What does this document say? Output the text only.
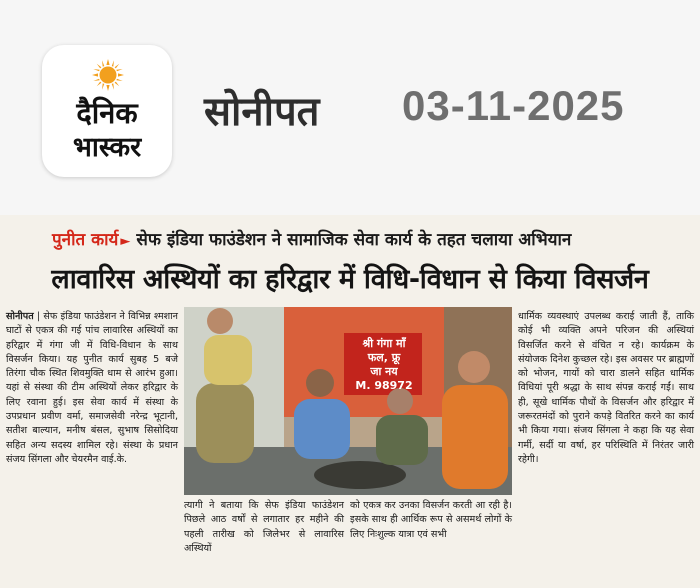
दैनिक
भास्कर
सोनीपत 03-11-2025
पुनीत कार्य ► सेफ इंडिया फाउंडेशन ने सामाजिक सेवा कार्य के तहत चलाया अभियान
लावारिस अस्थियों का हरिद्वार में विधि-विधान से किया विसर्जन
सोनीपत | सेफ इंडिया फाउंडेशन ने विभिन्न श्मशान घाटों से एकत्र की गई पांच लावारिस अस्थियों का हरिद्वार में गंगा जी में विधि-विधान के साथ विसर्जन किया। यह पुनीत कार्य सुबह 5 बजे तिरंगा चौक स्थित शिवमुक्ति धाम से आरंभ हुआ। यहां से संस्था की टीम अस्थियों लेकर हरिद्वार के लिए रवाना हुई। इस सेवा कार्य में संस्था के उपप्रधान प्रवीण वर्मा, समाजसेवी नरेन्द्र भूटानी, सतीश बाल्यान, मनीष बंसल, सुभाष सिसोदिया सहित अन्य सदस्य शामिल रहे। संस्था के प्रधान संजय सिंगला और चेयरमैन वाई.के.
श्री गंगा माँ
फल, फ्रू
जा नय
M. 98972
त्यागी ने बताया कि सेफ इंडिया फाउंडेशन पिछले आठ वर्षों से लगातार हर महीने की पहली तारीख को जिलेभर से लावारिस अस्थियों
को एकत्र कर उनका विसर्जन करती आ रही है। इसके साथ ही आर्थिक रूप से असमर्थ लोगों के लिए निःशुल्क यात्रा एवं सभी
धार्मिक व्यवस्थाएं उपलब्ध कराई जाती हैं, ताकि कोई भी व्यक्ति अपने परिजन की अस्थियां विसर्जित करने से वंचित न रहे। कार्यक्रम के संयोजक दिनेश कुच्छल रहे। इस अवसर पर ब्राह्मणों को भोजन, गायों को चारा डालने सहित धार्मिक विधियां पूरी श्रद्धा के साथ संपन्न कराई गईं। साथ ही, सूखे धार्मिक पौधों के विसर्जन और हरिद्वार में जरूरतमंदों को पुराने कपड़े वितरित करने का कार्य भी किया गया। संजय सिंगला ने कहा कि यह सेवा गर्मी, सर्दी या वर्षा, हर परिस्थिति में निरंतर जारी रहेगी।
